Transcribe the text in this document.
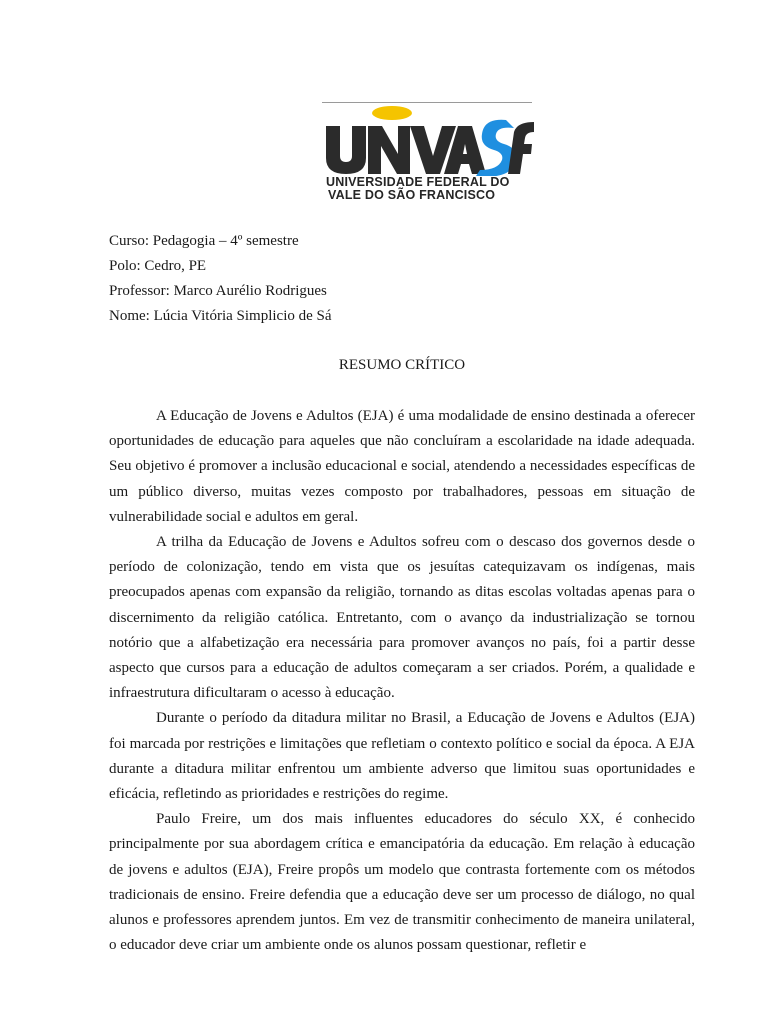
UNIVERSIDADE FEDERAL DO
VALE DO SÃO FRANCISCO
Curso: Pedagogia – 4º semestre
Polo: Cedro, PE
Professor: Marco Aurélio Rodrigues
Nome: Lúcia Vitória Simplicio de Sá
RESUMO CRÍTICO

A Educação de Jovens e Adultos (EJA) é uma modalidade de ensino destinada a oferecer oportunidades de educação para aqueles que não concluíram a escolaridade na idade adequada. Seu objetivo é promover a inclusão educacional e social, atendendo a necessidades específicas de um público diverso, muitas vezes composto por trabalhadores, pessoas em situação de vulnerabilidade social e adultos em geral.

A trilha da Educação de Jovens e Adultos sofreu com o descaso dos governos desde o período de colonização, tendo em vista que os jesuítas catequizavam os indígenas, mais preocupados apenas com expansão da religião, tornando as ditas escolas voltadas apenas para o discernimento da religião católica. Entretanto, com o avanço da industrialização se tornou notório que a alfabetização era necessária para promover avanços no país, foi a partir desse aspecto que cursos para a educação de adultos começaram a ser criados. Porém, a qualidade e infraestrutura dificultaram o acesso à educação.

Durante o período da ditadura militar no Brasil, a Educação de Jovens e Adultos (EJA) foi marcada por restrições e limitações que refletiam o contexto político e social da época. A EJA durante a ditadura militar enfrentou um ambiente adverso que limitou suas oportunidades e eficácia, refletindo as prioridades e restrições do regime.

Paulo Freire, um dos mais influentes educadores do século XX, é conhecido principalmente por sua abordagem crítica e emancipatória da educação. Em relação à educação de jovens e adultos (EJA), Freire propôs um modelo que contrasta fortemente com os métodos tradicionais de ensino. Freire defendia que a educação deve ser um processo de diálogo, no qual alunos e professores aprendem juntos. Em vez de transmitir conhecimento de maneira unilateral, o educador deve criar um ambiente onde os alunos possam questionar, refletir e
